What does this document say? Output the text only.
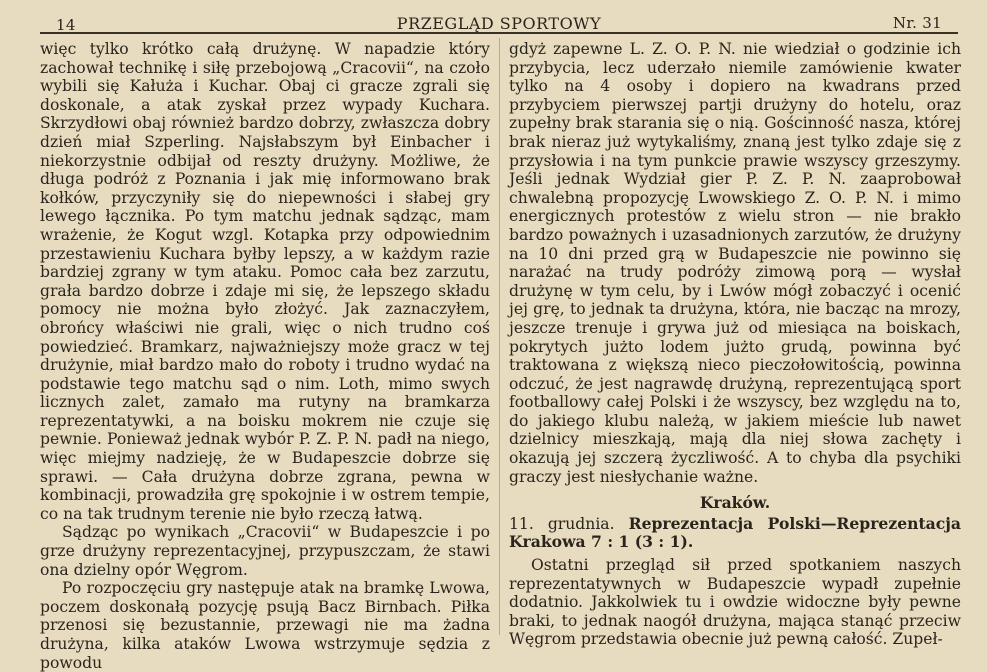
14	PRZEGLĄD SPORTOWY	Nr. 31

więc tylko krótko całą drużynę. W napadzie który zachował technikę i siłę przebojową „Cracovii“, na czoło wybili się Kałuża i Kuchar. Obaj ci gracze zgrali się doskonale, a atak zyskał przez wypady Kuchara. Skrzydłowi obaj również bardzo dobrzy, zwłaszcza dobry dzień miał Szperling. Najsłabszym był Einbacher i niekorzystnie odbijał od reszty drużyny. Możliwe, że długa podróż z Poznania i jak mię informowano brak kołków, przyczyniły się do niepewności i słabej gry lewego łącznika. Po tym matchu jednak sądząc, mam wrażenie, że Kogut wzgl. Kotapka przy odpowiednim przestawieniu Kuchara byłby lepszy, a w każdym razie bardziej zgrany w tym ataku. Pomoc cała bez zarzutu, grała bardzo dobrze i zdaje mi się, że lepszego składu pomocy nie można było złożyć. Jak zaznaczyłem, obrońcy właściwi nie grali, więc o nich trudno coś powiedzieć. Bramkarz, najważniejszy może gracz w tej drużynie, miał bardzo mało do roboty i trudno wydać na podstawie tego matchu sąd o nim. Loth, mimo swych licznych zalet, zamało ma rutyny na bramkarza reprezentatywki, a na boisku mokrem nie czuje się pewnie. Ponieważ jednak wybór P. Z. P. N. padł na niego, więc miejmy nadzieję, że w Budapeszcie dobrze się sprawi. — Cała drużyna dobrze zgrana, pewna w kombinacji, prowadziła grę spokojnie i w ostrem tempie, co na tak trudnym terenie nie było rzeczą łatwą.

Sądząc po wynikach „Cracovii“ w Budapeszcie i po grze drużyny reprezentacyjnej, przypuszczam, że stawi ona dzielny opór Węgrom.

Po rozpoczęciu gry następuje atak na bramkę Lwowa, poczem doskonałą pozycję psują Bacz Birnbach. Piłka przenosi się bezustannie, przewagi nie ma żadna drużyna, kilka ataków Lwowa wstrzymuje sędzia z powodu

gdyż zapewne L. Z. O. P. N. nie wiedział o godzinie ich przybycia, lecz uderzało niemile zamówienie kwater tylko na 4 osoby i dopiero na kwadrans przed przybyciem pierwszej partji drużyny do hotelu, oraz zupełny brak starania się o nią. Gościnność nasza, której brak nieraz już wytykaliśmy, znaną jest tylko zdaje się z przysłowia i na tym punkcie prawie wszyscy grzeszymy. Jeśli jednak Wydział gier P. Z. P. N. zaaprobował chwalebną propozycję Lwowskiego Z. O. P. N. i mimo energicznych protestów z wielu stron — nie brakło bardzo poważnych i uzasadnionych zarzutów, że drużyny na 10 dni przed grą w Budapeszcie nie powinno się narażać na trudy podróży zimową porą — wysłał drużynę w tym celu, by i Lwów mógł zobaczyć i ocenić jej grę, to jednak ta drużyna, która, nie bacząc na mrozy, jeszcze trenuje i grywa już od miesiąca na boiskach, pokrytych jużto lodem jużto grudą, powinna być traktowana z większą nieco pieczołowitością, powinna odczuć, że jest nagrawdę drużyną, reprezentującą sport footballowy całej Polski i że wszyscy, bez względu na to, do jakiego klubu należą, w jakiem mieście lub nawet dzielnicy mieszkają, mają dla niej słowa zachęty i okazują jej szczerą życzliwość. A to chyba dla psychiki graczy jest niesłychanie ważne.

Kraków.

11. grudnia. Reprezentacja Polski—Reprezentacja Krakowa 7 : 1 (3 : 1).

Ostatni przegląd sił przed spotkaniem naszych reprezentatywnych w Budapeszcie wypadł zupełnie dodatnio. Jakkolwiek tu i owdzie widoczne były pewne braki, to jednak naogół drużyna, mająca stanąć przeciw Węgrom przedstawia obecnie już pewną całość. Zupeł-
